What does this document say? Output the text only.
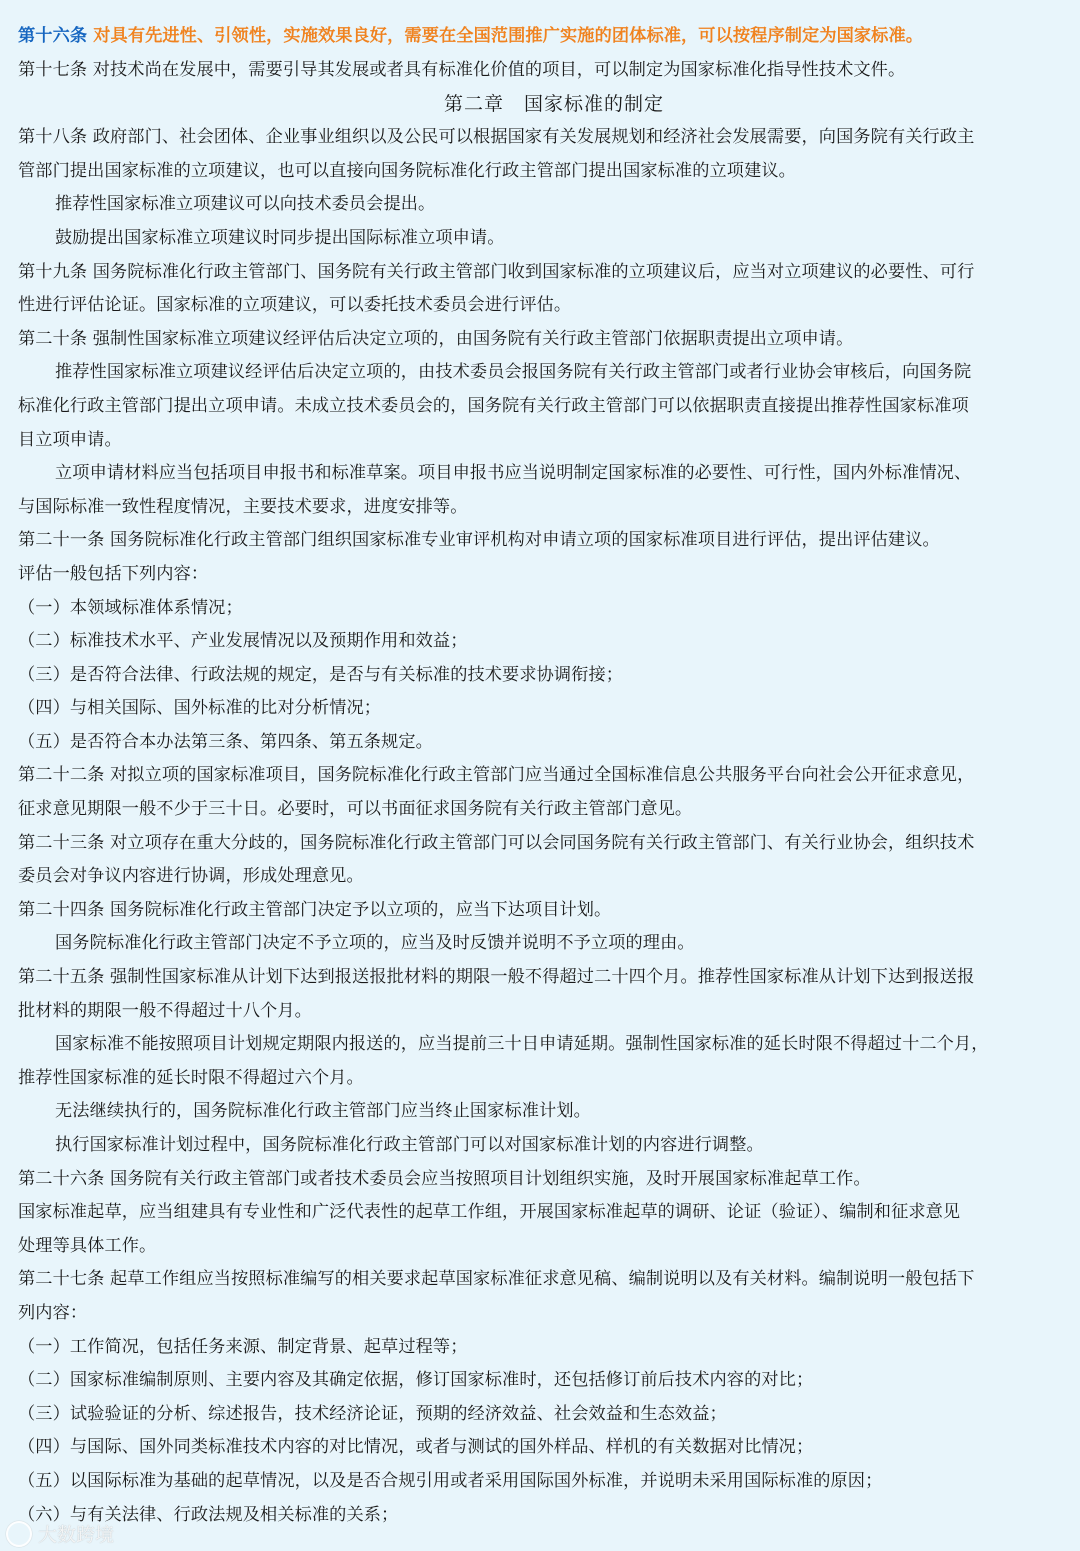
第十六条 对具有先进性、引领性，实施效果良好，需要在全国范围推广实施的团体标准，可以按程序制定为国家标准。
第十七条 对技术尚在发展中，需要引导其发展或者具有标准化价值的项目，可以制定为国家标准化指导性技术文件。
第二章　国家标准的制定
第十八条 政府部门、社会团体、企业事业组织以及公民可以根据国家有关发展规划和经济社会发展需要，向国务院有关行政主
管部门提出国家标准的立项建议，也可以直接向国务院标准化行政主管部门提出国家标准的立项建议。
推荐性国家标准立项建议可以向技术委员会提出。
鼓励提出国家标准立项建议时同步提出国际标准立项申请。
第十九条 国务院标准化行政主管部门、国务院有关行政主管部门收到国家标准的立项建议后，应当对立项建议的必要性、可行
性进行评估论证。国家标准的立项建议，可以委托技术委员会进行评估。
第二十条 强制性国家标准立项建议经评估后决定立项的，由国务院有关行政主管部门依据职责提出立项申请。
推荐性国家标准立项建议经评估后决定立项的，由技术委员会报国务院有关行政主管部门或者行业协会审核后，向国务院
标准化行政主管部门提出立项申请。未成立技术委员会的，国务院有关行政主管部门可以依据职责直接提出推荐性国家标准项
目立项申请。
立项申请材料应当包括项目申报书和标准草案。项目申报书应当说明制定国家标准的必要性、可行性，国内外标准情况、
与国际标准一致性程度情况，主要技术要求，进度安排等。
第二十一条 国务院标准化行政主管部门组织国家标准专业审评机构对申请立项的国家标准项目进行评估，提出评估建议。
评估一般包括下列内容：
（一）本领域标准体系情况；
（二）标准技术水平、产业发展情况以及预期作用和效益；
（三）是否符合法律、行政法规的规定，是否与有关标准的技术要求协调衔接；
（四）与相关国际、国外标准的比对分析情况；
（五）是否符合本办法第三条、第四条、第五条规定。
第二十二条 对拟立项的国家标准项目，国务院标准化行政主管部门应当通过全国标准信息公共服务平台向社会公开征求意见，
征求意见期限一般不少于三十日。必要时，可以书面征求国务院有关行政主管部门意见。
第二十三条 对立项存在重大分歧的，国务院标准化行政主管部门可以会同国务院有关行政主管部门、有关行业协会，组织技术
委员会对争议内容进行协调，形成处理意见。
第二十四条 国务院标准化行政主管部门决定予以立项的，应当下达项目计划。
国务院标准化行政主管部门决定不予立项的，应当及时反馈并说明不予立项的理由。
第二十五条 强制性国家标准从计划下达到报送报批材料的期限一般不得超过二十四个月。推荐性国家标准从计划下达到报送报
批材料的期限一般不得超过十八个月。
国家标准不能按照项目计划规定期限内报送的，应当提前三十日申请延期。强制性国家标准的延长时限不得超过十二个月，
推荐性国家标准的延长时限不得超过六个月。
无法继续执行的，国务院标准化行政主管部门应当终止国家标准计划。
执行国家标准计划过程中，国务院标准化行政主管部门可以对国家标准计划的内容进行调整。
第二十六条 国务院有关行政主管部门或者技术委员会应当按照项目计划组织实施，及时开展国家标准起草工作。
国家标准起草，应当组建具有专业性和广泛代表性的起草工作组，开展国家标准起草的调研、论证（验证）、编制和征求意见
处理等具体工作。
第二十七条 起草工作组应当按照标准编写的相关要求起草国家标准征求意见稿、编制说明以及有关材料。编制说明一般包括下
列内容：
（一）工作简况，包括任务来源、制定背景、起草过程等；
（二）国家标准编制原则、主要内容及其确定依据，修订国家标准时，还包括修订前后技术内容的对比；
（三）试验验证的分析、综述报告，技术经济论证，预期的经济效益、社会效益和生态效益；
（四）与国际、国外同类标准技术内容的对比情况，或者与测试的国外样品、样机的有关数据对比情况；
（五）以国际标准为基础的起草情况，以及是否合规引用或者采用国际国外标准，并说明未采用国际标准的原因；
（六）与有关法律、行政法规及相关标准的关系；
大数跨境
